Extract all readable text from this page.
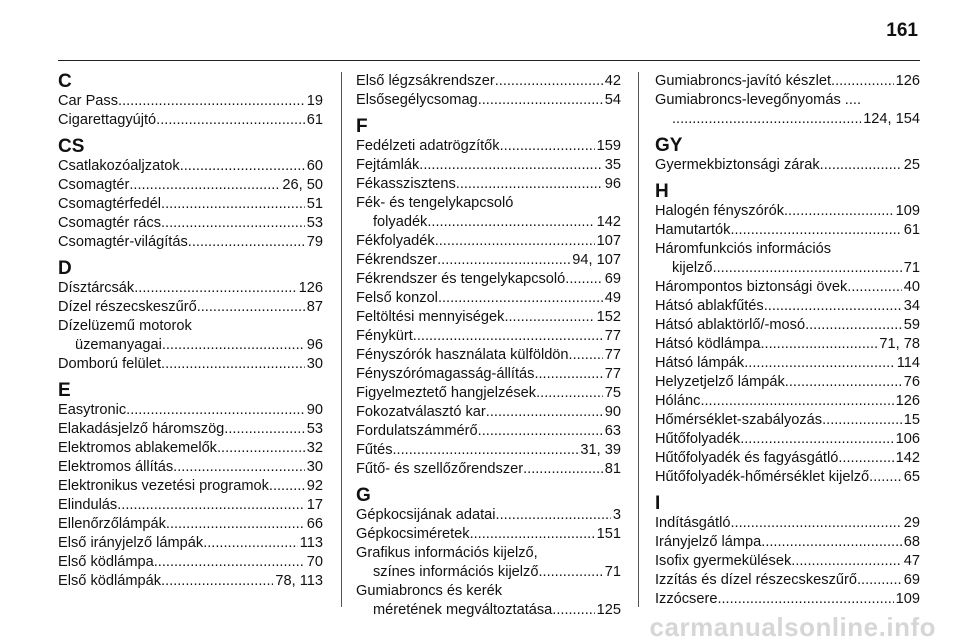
161
C
Car Pass .....	19
Cigarettagyújtó .....	61
CS
Csatlakozóaljzatok .....	60
Csomagtér .....	26, 50
Csomagtérfedél .....	51
Csomagtér rács .....	53
Csomagtér-világítás .....	79
D
Dísztárcsák .....	126
Dízel részecskeszűrő .....	87
Dízelüzemű motorok
üzemanyagai .....	96
Domború felület .....	30
E
Easytronic .....	90
Elakadásjelző háromszög .....	53
Elektromos ablakemelők .....	32
Elektromos állítás .....	30
Elektronikus vezetési programok .....	92
Elindulás .....	17
Ellenőrzőlámpák .....	66
Első irányjelző lámpák .....	113
Első ködlámpa .....	70
Első ködlámpák .....	78, 113
Első légzsákrendszer .....	42
Elsősegélycsomag .....	54
F
Fedélzeti adatrögzítők .....	159
Fejtámlák .....	35
Fékasszisztens .....	96
Fék- és tengelykapcsoló
folyadék .....	142
Fékfolyadék .....	107
Fékrendszer .....	94, 107
Fékrendszer és tengelykapcsoló .....	69
Felső konzol .....	49
Feltöltési mennyiségek .....	152
Fénykürt .....	77
Fényszórók használata külföldön ..... 77
Fényszórómagasság-állítás .....	77
Figyelmeztető hangjelzések .....	75
Fokozatválasztó kar .....	90
Fordulatszámmérő .....	63
Fűtés .....	31, 39
Fűtő- és szellőzőrendszer .....	81
G
Gépkocsijának adatai .....	3
Gépkocsiméretek .....	151
Grafikus információs kijelző,
színes információs kijelző .....	71
Gumiabroncs és kerék
méretének megváltoztatása .....	125
Gumiabroncs-javító készlet .....	126
Gumiabroncs-levegőnyomás ....
.....
124, 154
GY
Gyermekbiztonsági zárak .....	25
H
Halogén fényszórók .....	109
Hamutartók .....	61
Háromfunkciós információs
kijelző .....	71
Hárompontos biztonsági övek .....	40
Hátsó ablakfűtés .....	34
Hátsó ablaktörlő/-mosó .....	59
Hátsó ködlámpa .....	71, 78
Hátsó lámpák .....	114
Helyzetjelző lámpák .....	76
Hólánc .....	126
Hőmérséklet-szabályozás .....	15
Hűtőfolyadék .....	106
Hűtőfolyadék és fagyásgátló .....	142
Hűtőfolyadék-hőmérséklet kijelző ..... 65
I
Indításgátló .....	29
Irányjelző lámpa .....	68
Isofix gyermekülések .....	47
Izzítás és dízel részecskeszűrő .....	69
Izzócsere .....	109
carmanualsonline.info
